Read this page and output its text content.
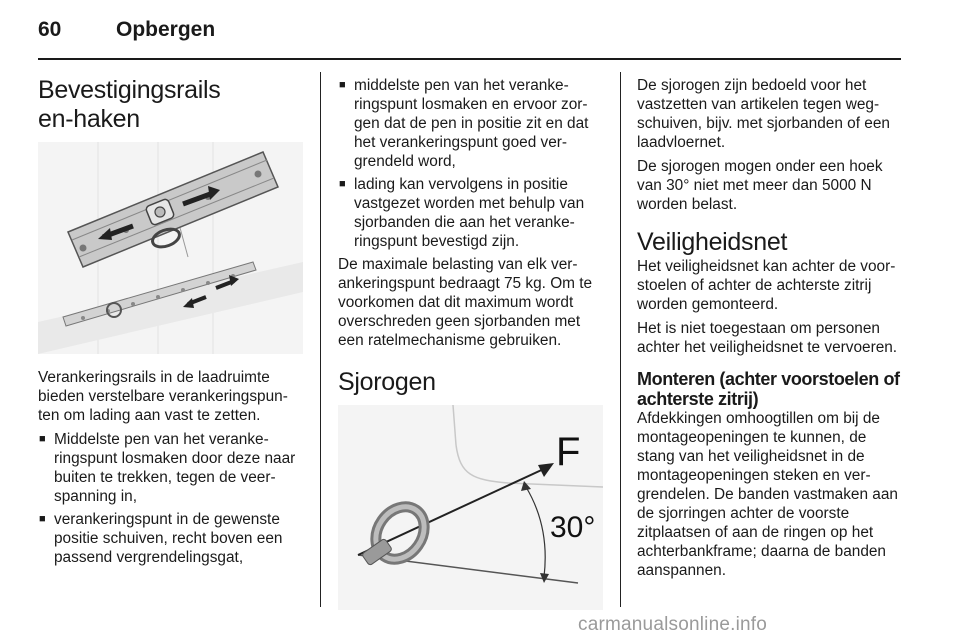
60	Opbergen
Bevestigingsrails en-haken

Verankeringsrails in de laadruimte bieden verstelbare verankeringspunten om lading aan vast te zetten.

■ Middelste pen van het verankeringspunt losmaken door deze naar buiten te trekken, tegen de veerspanning in,
■ verankeringspunt in de gewenste positie schuiven, recht boven een passend vergrendelingsgat,
■ middelste pen van het verankeringspunt losmaken en ervoor zorgen dat de pen in positie zit en dat het verankeringspunt goed vergrendeld word,
■ lading kan vervolgens in positie vastgezet worden met behulp van sjorbanden die aan het verankeringspunt bevestigd zijn.

De maximale belasting van elk verankeringspunt bedraagt 75 kg. Om te voorkomen dat dit maximum wordt overschreden geen sjorbanden met een ratelmechanisme gebruiken.

Sjorogen
F
30°

De sjorogen zijn bedoeld voor het vastzetten van artikelen tegen wegschuiven, bijv. met sjorbanden of een laadvloernet.

De sjorogen mogen onder een hoek van 30° niet met meer dan 5000 N worden belast.

Veiligheidsnet

Het veiligheidsnet kan achter de voorstoelen of achter de achterste zitrij worden gemonteerd.

Het is niet toegestaan om personen achter het veiligheidsnet te vervoeren.

Monteren (achter voorstoelen of achterste zitrij)

Afdekkingen omhoogtillen om bij de montageopeningen te kunnen, de stang van het veiligheidsnet in de montageopeningen steken en vergrendelen. De banden vastmaken aan de sjorringen achter de voorste zitplaatsen of aan de ringen op het achterbankframe; daarna de banden aanspannen.

carmanualsonline.info
